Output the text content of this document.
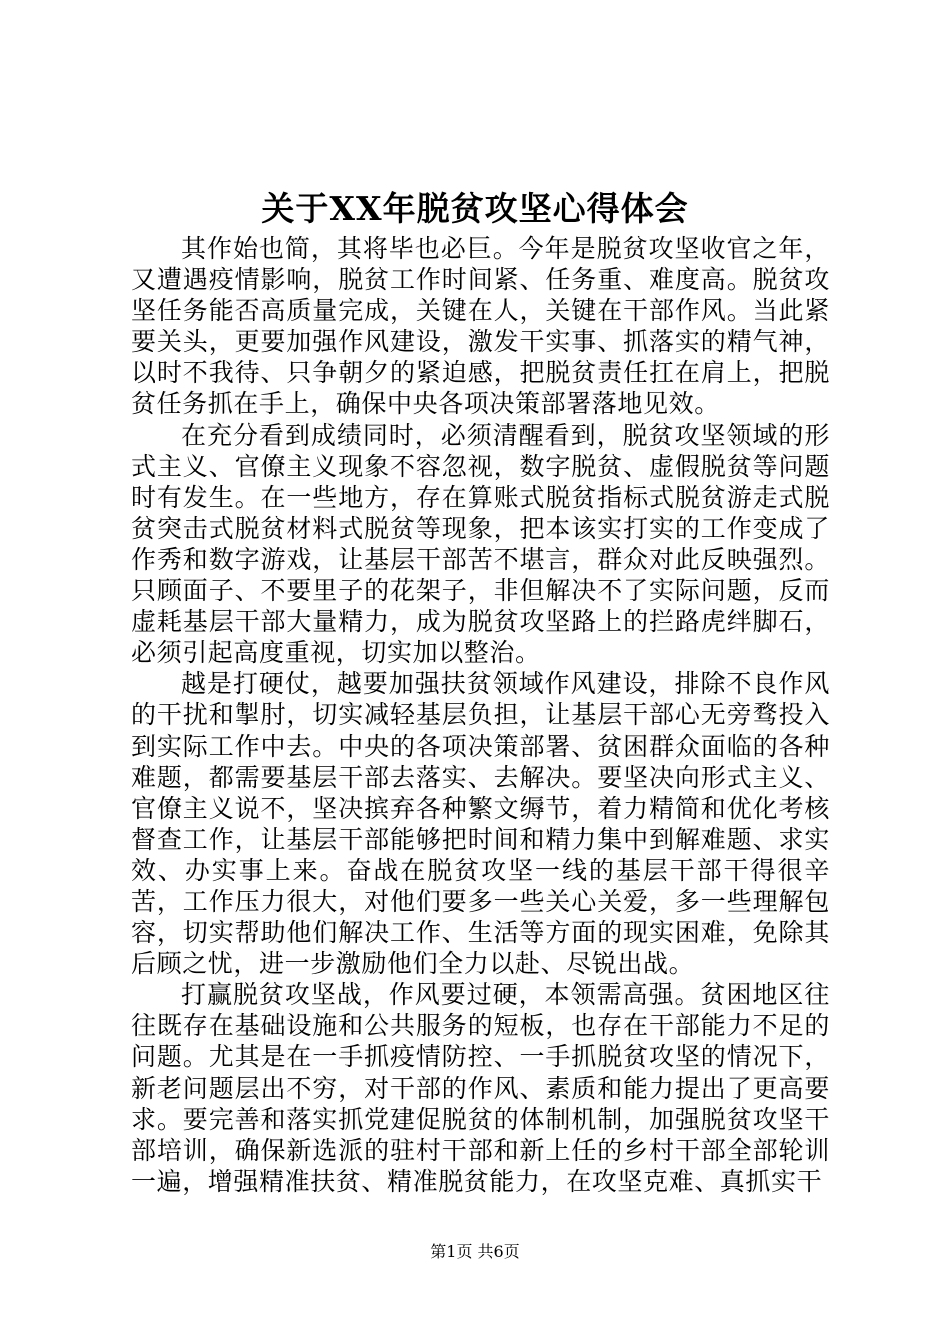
关于XX年脱贫攻坚心得体会

其作始也简，其将毕也必巨。今年是脱贫攻坚收官之年，又遭遇疫情影响，脱贫工作时间紧、任务重、难度高。脱贫攻坚任务能否高质量完成，关键在人，关键在干部作风。当此紧要关头，更要加强作风建设，激发干实事、抓落实的精气神，以时不我待、只争朝夕的紧迫感，把脱贫责任扛在肩上，把脱贫任务抓在手上，确保中央各项决策部署落地见效。

在充分看到成绩同时，必须清醒看到，脱贫攻坚领域的形式主义、官僚主义现象不容忽视，数字脱贫、虚假脱贫等问题时有发生。在一些地方，存在算账式脱贫指标式脱贫游走式脱贫突击式脱贫材料式脱贫等现象，把本该实打实的工作变成了作秀和数字游戏，让基层干部苦不堪言，群众对此反映强烈。只顾面子、不要里子的花架子，非但解决不了实际问题，反而虚耗基层干部大量精力，成为脱贫攻坚路上的拦路虎绊脚石，必须引起高度重视，切实加以整治。

越是打硬仗，越要加强扶贫领域作风建设，排除不良作风的干扰和掣肘，切实减轻基层负担，让基层干部心无旁骛投入到实际工作中去。中央的各项决策部署、贫困群众面临的各种难题，都需要基层干部去落实、去解决。要坚决向形式主义、官僚主义说不，坚决摈弃各种繁文缛节，着力精简和优化考核督查工作，让基层干部能够把时间和精力集中到解难题、求实效、办实事上来。奋战在脱贫攻坚一线的基层干部干得很辛苦，工作压力很大，对他们要多一些关心关爱，多一些理解包容，切实帮助他们解决工作、生活等方面的现实困难，免除其后顾之忧，进一步激励他们全力以赴、尽锐出战。

打赢脱贫攻坚战，作风要过硬，本领需高强。贫困地区往往既存在基础设施和公共服务的短板，也存在干部能力不足的问题。尤其是在一手抓疫情防控、一手抓脱贫攻坚的情况下，新老问题层出不穷，对干部的作风、素质和能力提出了更高要求。要完善和落实抓党建促脱贫的体制机制，加强脱贫攻坚干部培训，确保新选派的驻村干部和新上任的乡村干部全部轮训一遍，增强精准扶贫、精准脱贫能力，在攻坚克难、真抓实干

第1页 共6页
